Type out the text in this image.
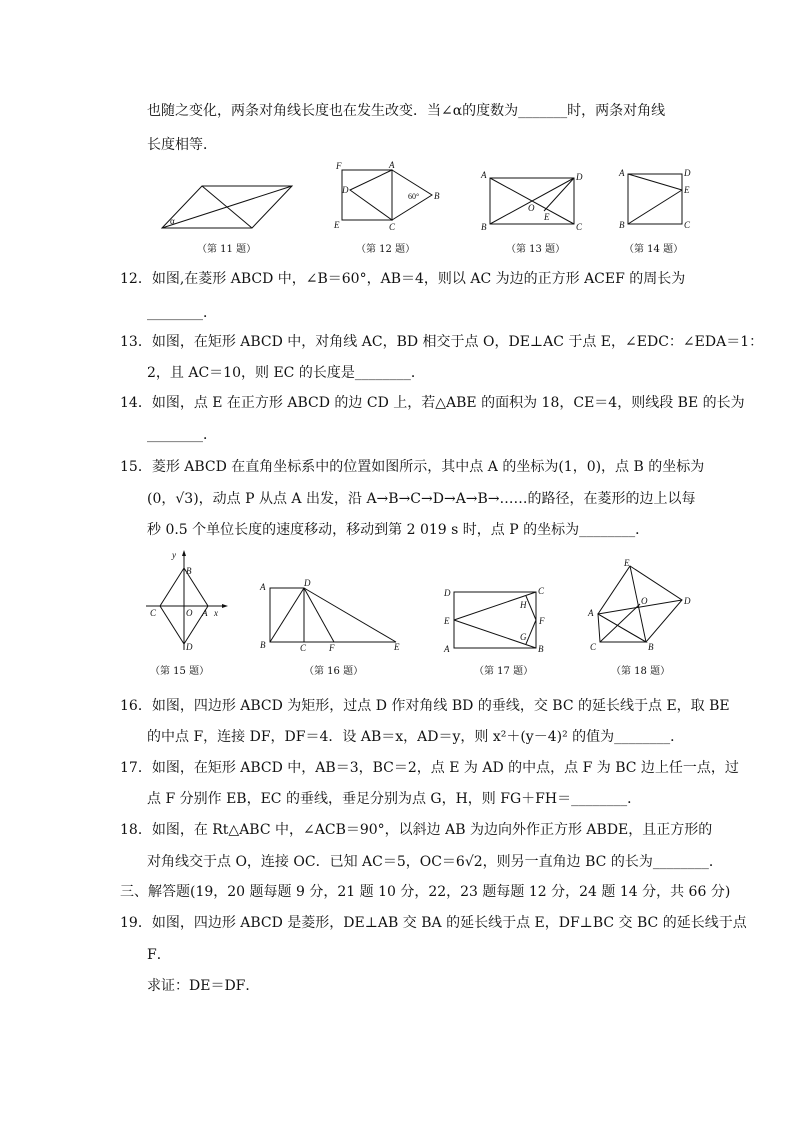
也随之变化，两条对角线长度也在发生改变．当∠α的度数为_______时，两条对角线
长度相等．
α
F	A
D
60° B
E	C
A	D
O
E
B	C
A	D
E
B	C
（第 11 题）	（第 12 题）	（第 13 题）	（第 14 题）
12．如图,在菱形 ABCD 中，∠B＝60°，AB＝4，则以 AC 为边的正方形 ACEF 的周长为
________．
13．如图，在矩形 ABCD 中，对角线 AC，BD 相交于点 O，DE⊥AC 于点 E，∠EDC：∠EDA＝1：
2，且 AC＝10，则 EC 的长度是________．
14．如图，点 E 在正方形 ABCD 的边 CD 上，若△ABE 的面积为 18，CE＝4，则线段 BE 的长为
________．
15．菱形 ABCD 在直角坐标系中的位置如图所示，其中点 A 的坐标为(1，0)，点 B 的坐标为
(0，√3)，动点 P 从点 A 出发，沿 A→B→C→D→A→B→……的路径，在菱形的边上以每
秒 0.5 个单位长度的速度移动，移动到第 2 019 s 时，点 P 的坐标为________．
y
B
C	O A x
D
A	D
B	C	F	E
D	C
H
E	F
G
A	B
E
O	D
A
B
C
（第 15 题）	（第 16 题）	（第 17 题）	（第 18 题）
16．如图，四边形 ABCD 为矩形，过点 D 作对角线 BD 的垂线，交 BC 的延长线于点 E，取 BE
的中点 F，连接 DF，DF＝4．设 AB＝x，AD＝y，则 x²＋(y－4)² 的值为________．
17．如图，在矩形 ABCD 中，AB＝3，BC＝2，点 E 为 AD 的中点，点 F 为 BC 边上任一点，过
点 F 分别作 EB，EC 的垂线，垂足分别为点 G，H，则 FG＋FH＝________．
18．如图，在 Rt△ABC 中，∠ACB＝90°，以斜边 AB 为边向外作正方形 ABDE，且正方形的
对角线交于点 O，连接 OC．已知 AC＝5，OC＝6√2，则另一直角边 BC 的长为________．
三、解答题(19，20 题每题 9 分，21 题 10 分，22，23 题每题 12 分，24 题 14 分，共 66 分)
19．如图，四边形 ABCD 是菱形，DE⊥AB 交 BA 的延长线于点 E，DF⊥BC 交 BC 的延长线于点
F．
求证：DE＝DF．
